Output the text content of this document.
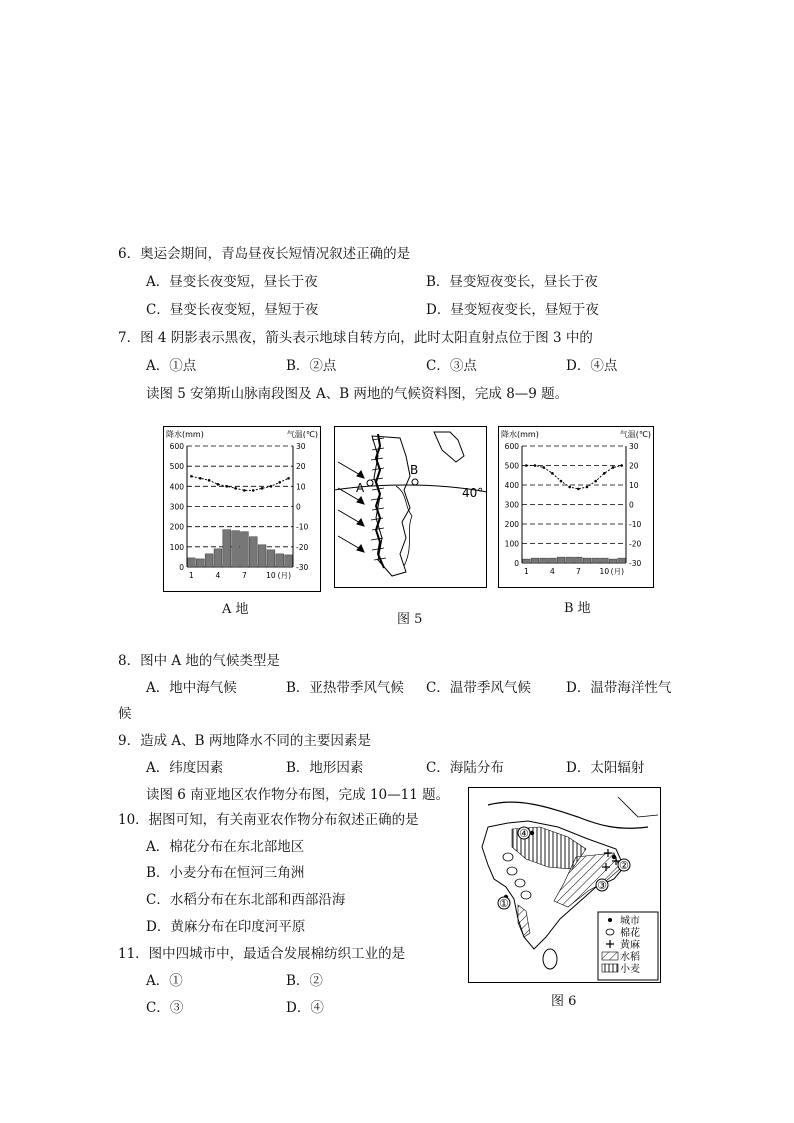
6．奥运会期间，青岛昼夜长短情况叙述正确的是
A．昼变长夜变短，昼长于夜	B．昼变短夜变长，昼长于夜
C．昼变长夜变短，昼短于夜	D．昼变短夜变长，昼短于夜
7．图 4 阴影表示黑夜，箭头表示地球自转方向，此时太阳直射点位于图 3 中的
A．①点	B．②点	C．③点	D．④点
读图 5 安第斯山脉南段图及 A、B 两地的气候资料图，完成 8—9 题。
降水(mm)	气温(℃)
0
100
200
300
400
500
600
-30
-20
-10
0
10
20
30
1	4	7	10 (月)
A 地
A
B
40°
图 5
降水(mm)	气温(℃)
0
100
200
300
400
500
600
-30
-20
-10
0
10
20
30
1	4	7	10 (月)
B 地
8．图中 A 地的气候类型是
A．地中海气候	B．亚热带季风气候 C．温带季风气候	D．温带海洋性气
候
9．造成 A、B 两地降水不同的主要因素是
A．纬度因素	B．地形因素	C．海陆分布	D．太阳辐射
读图 6 南亚地区农作物分布图，完成 10—11 题。
10．据图可知，有关南亚农作物分布叙述正确的是
A．棉花分布在东北部地区
B．小麦分布在恒河三角洲
C．水稻分布在东北部和西部沿海
D．黄麻分布在印度河平原
11．图中四城市中，最适合发展棉纺织工业的是
A．①	B．②
C．③	D．④
④
②
③
①
城市
棉花
黄麻
水稻
小麦
图 6
